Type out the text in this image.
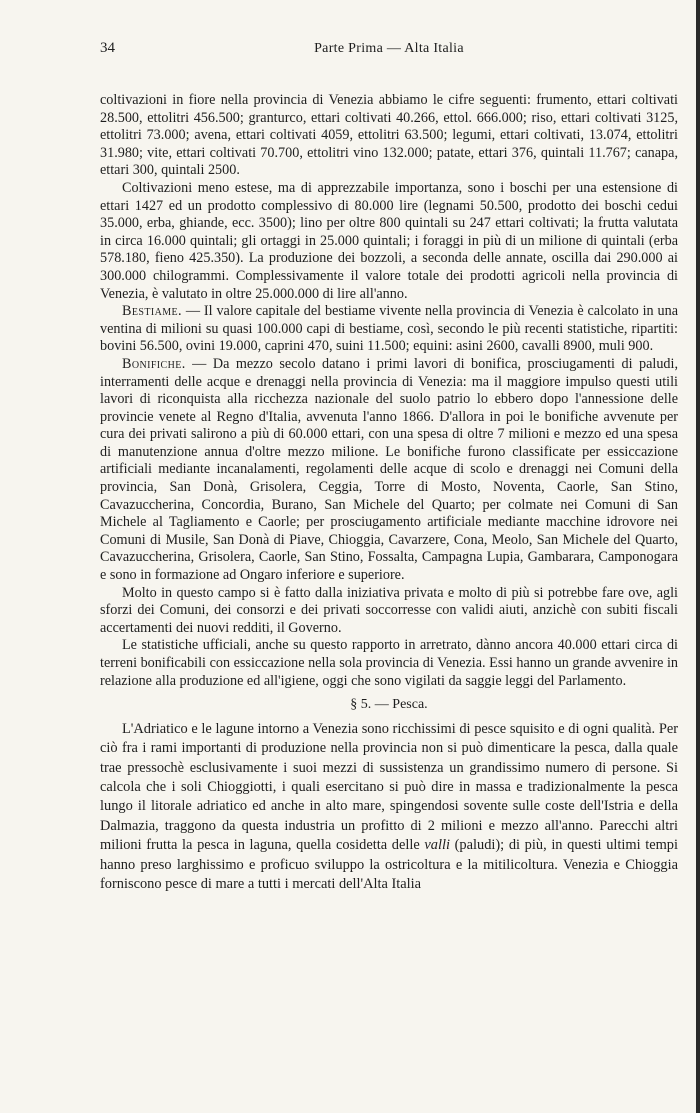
34	Parte Prima — Alta Italia

coltivazioni in fiore nella provincia di Venezia abbiamo le cifre seguenti: frumento, ettari coltivati 28.500, ettolitri 456.500; granturco, ettari coltivati 40.266, ettol. 666.000; riso, ettari coltivati 3125, ettolitri 73.000; avena, ettari coltivati 4059, ettolitri 63.500; legumi, ettari coltivati, 13.074, ettolitri 31.980; vite, ettari coltivati 70.700, ettolitri vino 132.000; patate, ettari 376, quintali 11.767; canapa, ettari 300, quintali 2500.

Coltivazioni meno estese, ma di apprezzabile importanza, sono i boschi per una estensione di ettari 1427 ed un prodotto complessivo di 80.000 lire (legnami 50.500, prodotto dei boschi cedui 35.000, erba, ghiande, ecc. 3500); lino per oltre 800 quintali su 247 ettari coltivati; la frutta valutata in circa 16.000 quintali; gli ortaggi in 25.000 quintali; i foraggi in più di un milione di quintali (erba 578.180, fieno 425.350). La produzione dei bozzoli, a seconda delle annate, oscilla dai 290.000 ai 300.000 chilogrammi. Complessivamente il valore totale dei prodotti agricoli nella provincia di Venezia, è valutato in oltre 25.000.000 di lire all'anno.

Bestiame. — Il valore capitale del bestiame vivente nella provincia di Venezia è calcolato in una ventina di milioni su quasi 100.000 capi di bestiame, così, secondo le più recenti statistiche, ripartiti: bovini 56.500, ovini 19.000, caprini 470, suini 11.500; equini: asini 2600, cavalli 8900, muli 900.

Bonifiche. — Da mezzo secolo datano i primi lavori di bonifica, prosciugamenti di paludi, interramenti delle acque e drenaggi nella provincia di Venezia: ma il maggiore impulso questi utili lavori di riconquista alla ricchezza nazionale del suolo patrio lo ebbero dopo l'annessione delle provincie venete al Regno d'Italia, avvenuta l'anno 1866. D'allora in poi le bonifiche avvenute per cura dei privati salirono a più di 60.000 ettari, con una spesa di oltre 7 milioni e mezzo ed una spesa di manutenzione annua d'oltre mezzo milione. Le bonifiche furono classificate per essiccazione artificiali mediante incanalamenti, regolamenti delle acque di scolo e drenaggi nei Comuni della provincia, San Donà, Grisolera, Ceggia, Torre di Mosto, Noventa, Caorle, San Stino, Cavazuccherina, Concordia, Burano, San Michele del Quarto; per colmate nei Comuni di San Michele al Tagliamento e Caorle; per prosciugamento artificiale mediante macchine idrovore nei Comuni di Musile, San Donà di Piave, Chioggia, Cavarzere, Cona, Meolo, San Michele del Quarto, Cavazuccherina, Grisolera, Caorle, San Stino, Fossalta, Campagna Lupia, Gambarara, Camponogara e sono in formazione ad Ongaro inferiore e superiore.

Molto in questo campo si è fatto dalla iniziativa privata e molto di più si potrebbe fare ove, agli sforzi dei Comuni, dei consorzi e dei privati soccorresse con validi aiuti, anzichè con subiti fiscali accertamenti dei nuovi redditi, il Governo.

Le statistiche ufficiali, anche su questo rapporto in arretrato, dànno ancora 40.000 ettari circa di terreni bonificabili con essiccazione nella sola provincia di Venezia. Essi hanno un grande avvenire in relazione alla produzione ed all'igiene, oggi che sono vigilati da saggie leggi del Parlamento.

§ 5. — Pesca.

L'Adriatico e le lagune intorno a Venezia sono ricchissimi di pesce squisito e di ogni qualità. Per ciò fra i rami importanti di produzione nella provincia non si può dimenticare la pesca, dalla quale trae pressochè esclusivamente i suoi mezzi di sussistenza un grandissimo numero di persone. Si calcola che i soli Chioggiotti, i quali esercitano si può dire in massa e tradizionalmente la pesca lungo il litorale adriatico ed anche in alto mare, spingendosi sovente sulle coste dell'Istria e della Dalmazia, traggono da questa industria un profitto di 2 milioni e mezzo all'anno. Parecchi altri milioni frutta la pesca in laguna, quella cosidetta delle valli (paludi); di più, in questi ultimi tempi hanno preso larghissimo e proficuo sviluppo la ostricoltura e la mitilicoltura. Venezia e Chioggia forniscono pesce di mare a tutti i mercati dell'Alta Italia
